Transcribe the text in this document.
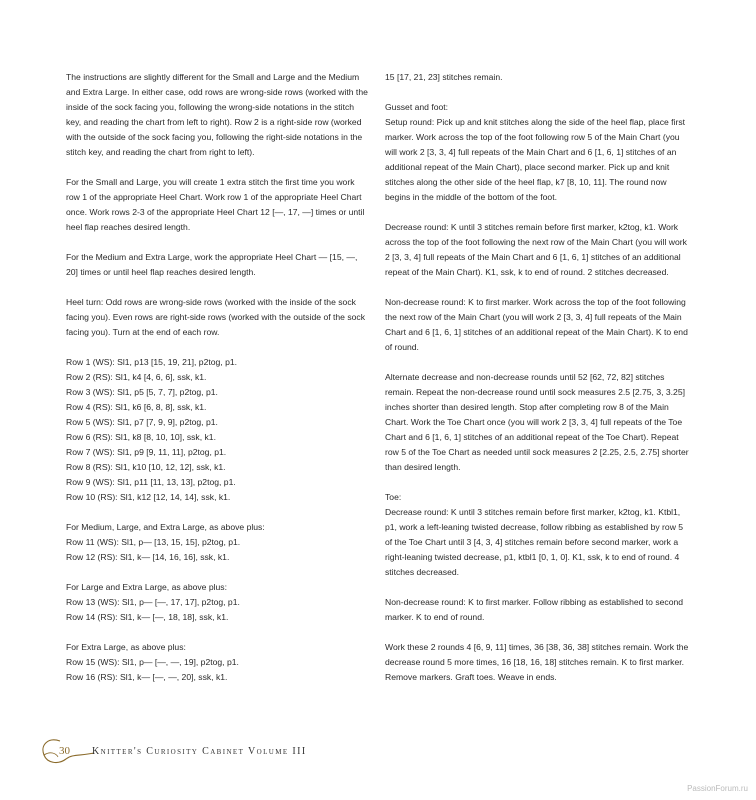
The instructions are slightly different for the Small and Large and the Medium and Extra Large. In either case, odd rows are wrong-side rows (worked with the inside of the sock facing you, following the wrong-side notations in the stitch key, and reading the chart from left to right). Row 2 is a right-side row (worked with the outside of the sock facing you, following the right-side notations in the stitch key, and reading the chart from right to left).

For the Small and Large, you will create 1 extra stitch the first time you work row 1 of the appropriate Heel Chart. Work row 1 of the appropriate Heel Chart once. Work rows 2-3 of the appropriate Heel Chart 12 [—, 17, —] times or until heel flap reaches desired length.

For the Medium and Extra Large, work the appropriate Heel Chart — [15, —, 20] times or until heel flap reaches desired length.

Heel turn: Odd rows are wrong-side rows (worked with the inside of the sock facing you). Even rows are right-side rows (worked with the outside of the sock facing you). Turn at the end of each row.

Row 1 (WS): Sl1, p13 [15, 19, 21], p2tog, p1.

Row 2 (RS): Sl1, k4 [4, 6, 6], ssk, k1.

Row 3 (WS): Sl1, p5 [5, 7, 7], p2tog, p1.

Row 4 (RS): Sl1, k6 [6, 8, 8], ssk, k1.

Row 5 (WS): Sl1, p7 [7, 9, 9], p2tog, p1.

Row 6 (RS): Sl1, k8 [8, 10, 10], ssk, k1.

Row 7 (WS): Sl1, p9 [9, 11, 11], p2tog, p1.

Row 8 (RS): Sl1, k10 [10, 12, 12], ssk, k1.

Row 9 (WS): Sl1, p11 [11, 13, 13], p2tog, p1.

Row 10 (RS): Sl1, k12 [12, 14, 14], ssk, k1.

For Medium, Large, and Extra Large, as above plus:

Row 11 (WS): Sl1, p— [13, 15, 15], p2tog, p1.

Row 12 (RS): Sl1, k— [14, 16, 16], ssk, k1.

For Large and Extra Large, as above plus:

Row 13 (WS): Sl1, p— [—, 17, 17], p2tog, p1.

Row 14 (RS): Sl1, k— [—, 18, 18], ssk, k1.

For Extra Large, as above plus:

Row 15 (WS): Sl1, p— [—, —, 19], p2tog, p1.

Row 16 (RS): Sl1, k— [—, —, 20], ssk, k1.

15 [17, 21, 23] stitches remain.

Gusset and foot:

Setup round: Pick up and knit stitches along the side of the heel flap, place first marker. Work across the top of the foot following row 5 of the Main Chart (you will work 2 [3, 3, 4] full repeats of the Main Chart and 6 [1, 6, 1] stitches of an additional repeat of the Main Chart), place second marker. Pick up and knit stitches along the other side of the heel flap, k7 [8, 10, 11]. The round now begins in the middle of the bottom of the foot.

Decrease round: K until 3 stitches remain before first marker, k2tog, k1. Work across the top of the foot following the next row of the Main Chart (you will work 2 [3, 3, 4] full repeats of the Main Chart and 6 [1, 6, 1] stitches of an additional repeat of the Main Chart). K1, ssk, k to end of round. 2 stitches decreased.

Non-decrease round: K to first marker. Work across the top of the foot following the next row of the Main Chart (you will work 2 [3, 3, 4] full repeats of the Main Chart and 6 [1, 6, 1] stitches of an additional repeat of the Main Chart). K to end of round.

Alternate decrease and non-decrease rounds until 52 [62, 72, 82] stitches remain. Repeat the non-decrease round until sock measures 2.5 [2.75, 3, 3.25] inches shorter than desired length. Stop after completing row 8 of the Main Chart. Work the Toe Chart once (you will work 2 [3, 3, 4] full repeats of the Toe Chart and 6 [1, 6, 1] stitches of an additional repeat of the Toe Chart). Repeat row 5 of the Toe Chart as needed until sock measures 2 [2.25, 2.5, 2.75] shorter than desired length.

Toe:

Decrease round: K until 3 stitches remain before first marker, k2tog, k1. Ktbl1, p1, work a left-leaning twisted decrease, follow ribbing as established by row 5 of the Toe Chart until 3 [4, 3, 4] stitches remain before second marker, work a right-leaning twisted decrease, p1, ktbl1 [0, 1, 0]. K1, ssk, k to end of round. 4 stitches decreased.

Non-decrease round: K to first marker. Follow ribbing as established to second marker. K to end of round.

Work these 2 rounds 4 [6, 9, 11] times, 36 [38, 36, 38] stitches remain. Work the decrease round 5 more times, 16 [18, 16, 18] stitches remain. K to first marker. Remove markers. Graft toes. Weave in ends.

30 Knitter's Curiosity Cabinet Volume III
PassionForum.ru
